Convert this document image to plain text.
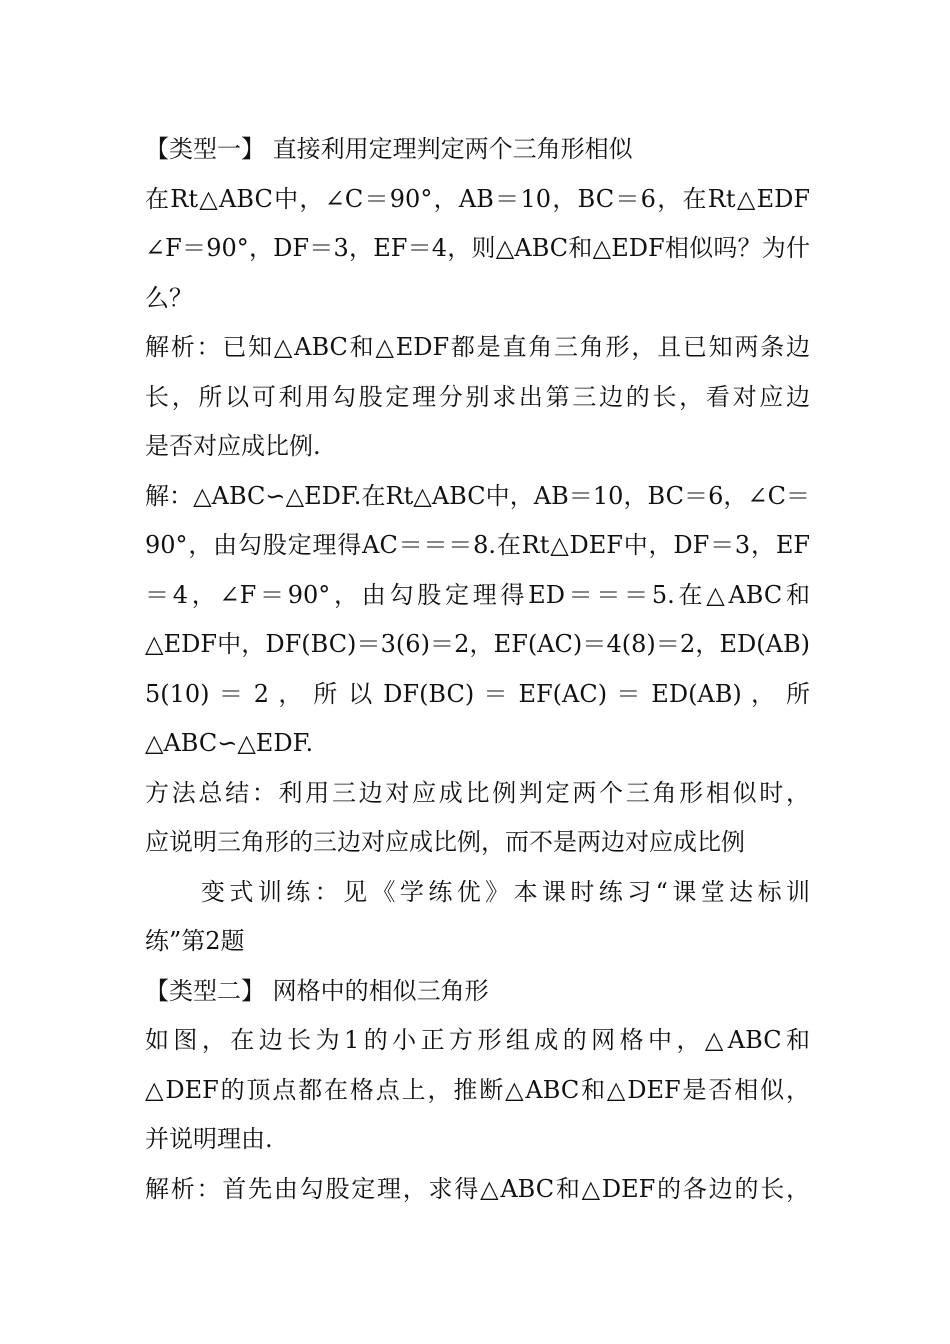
【类型一】 直接利用定理判定两个三角形相似
在Rt△ABC中，∠C＝90°，AB＝10，BC＝6，在Rt△EDF
∠F＝90°，DF＝3，EF＝4，则△ABC和△EDF相似吗？为什
么？
解析：已知△ABC和△EDF都是直角三角形，且已知两条边
长，所以可利用勾股定理分别求出第三边的长，看对应边
是否对应成比例.
解：△ABC∽△EDF.在Rt△ABC中，AB＝10，BC＝6，∠C＝
90°，由勾股定理得AC＝＝＝8.在Rt△DEF中，DF＝3，EF
＝4，∠F＝90°，由勾股定理得ED＝＝＝5.在△ABC和
△EDF中，DF(BC)＝3(6)＝2，EF(AC)＝4(8)＝2，ED(AB)
5(10) ＝ 2 ， 所 以 DF(BC) ＝ EF(AC) ＝ ED(AB) ， 所
△ABC∽△EDF.
方法总结：利用三边对应成比例判定两个三角形相似时，
应说明三角形的三边对应成比例，而不是两边对应成比例
变式训练：见《学练优》本课时练习“课堂达标训
练”第2题
【类型二】 网格中的相似三角形
如图，在边长为1的小正方形组成的网格中，△ABC和
△DEF的顶点都在格点上，推断△ABC和△DEF是否相似，
并说明理由.
解析：首先由勾股定理，求得△ABC和△DEF的各边的长，
